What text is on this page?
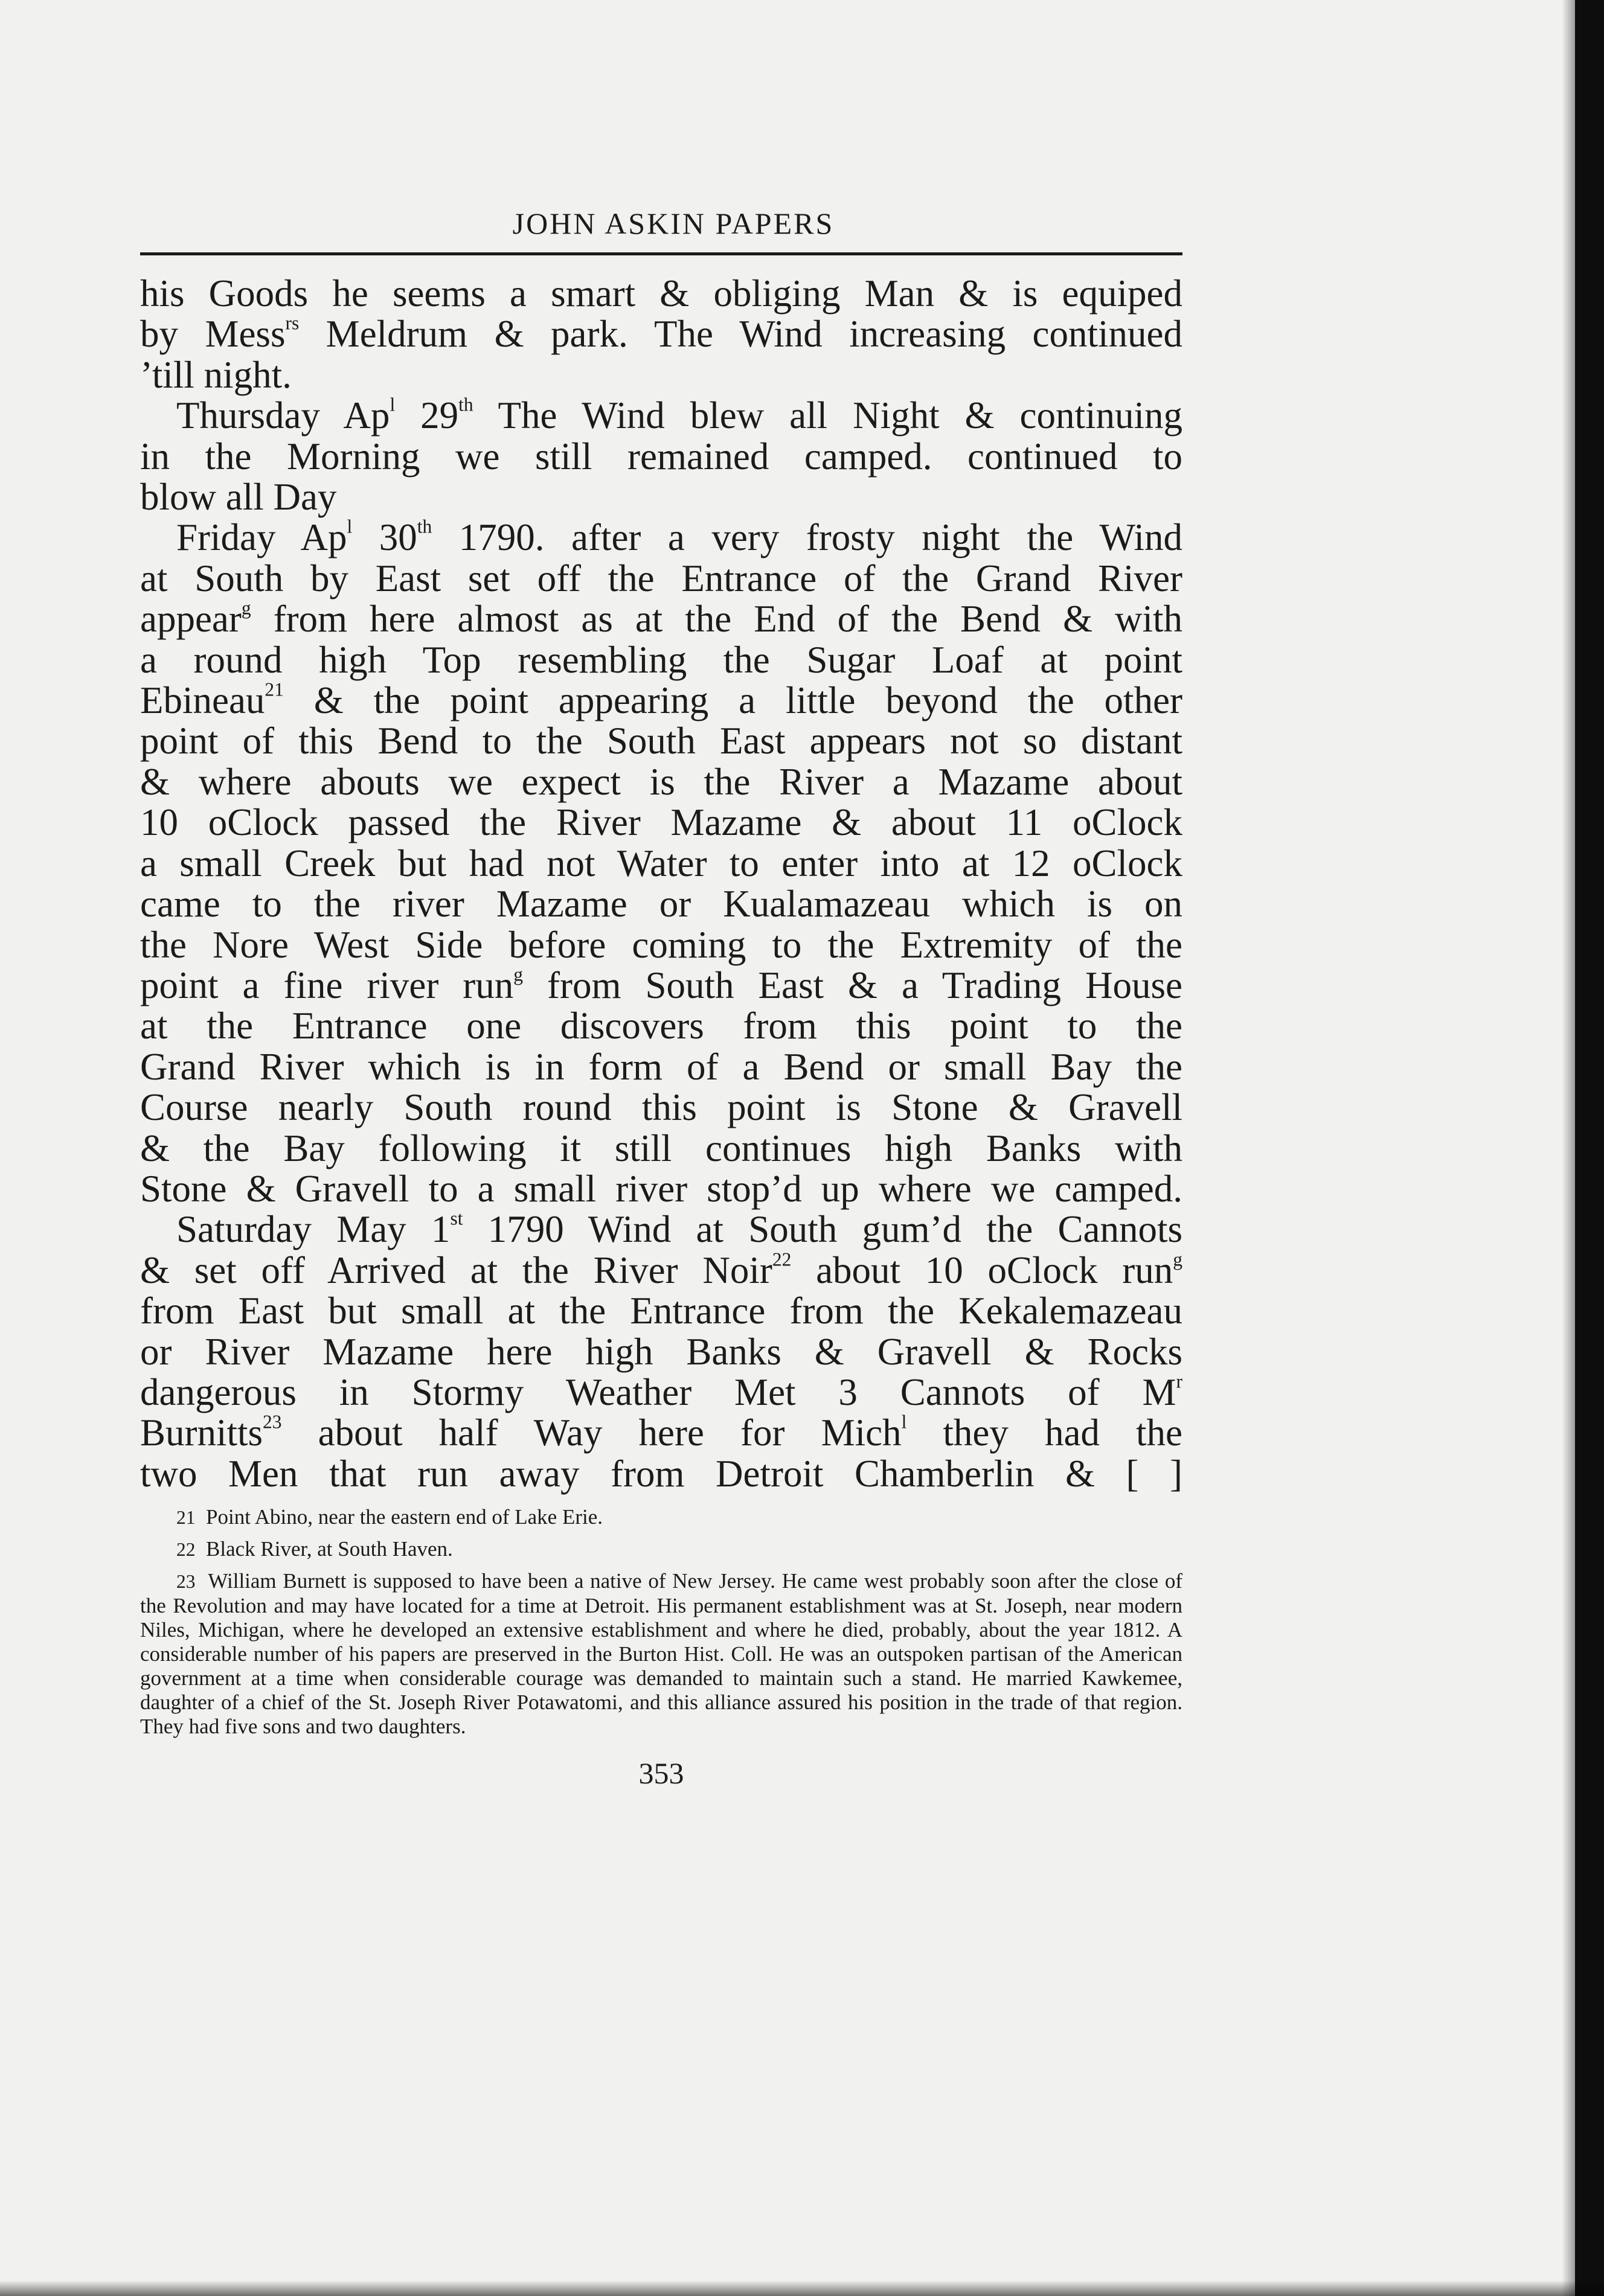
JOHN ASKIN PAPERS
his Goods he seems a smart & obliging Man & is equiped
by Mess$^{rs}$ Meldrum & park. The Wind increasing continued
’till night.
Thursday Ap$^l$ 29th The Wind blew all Night & continuing
in the Morning we still remained camped. continued to
blow all Day
Friday Ap$^l$ 30th 1790. after a very frosty night the Wind
at South by East set off the Entrance of the Grand River
appear$^g$ from here almost as at the End of the Bend & with
a round high Top resembling the Sugar Loaf at point
Ebineau$^{21}$ & the point appearing a little beyond the other
point of this Bend to the South East appears not so distant
& where abouts we expect is the River a Mazame about
10 oClock passed the River Mazame & about 11 oClock
a small Creek but had not Water to enter into at 12 oClock
came to the river Mazame or Kualamazeau which is on
the Nore West Side before coming to the Extremity of the
point a fine river run$^g$ from South East & a Trading House
at the Entrance one discovers from this point to the
Grand River which is in form of a Bend or small Bay the
Course nearly South round this point is Stone & Gravell
& the Bay following it still continues high Banks with
Stone & Gravell to a small river stop’d up where we camped.
Saturday May 1st 1790 Wind at South gum’d the Cannots
& set off Arrived at the River Noir$^{22}$ about 10 oClock run$^g$
from East but small at the Entrance from the Kekalemazeau
or River Mazame here high Banks & Gravell & Rocks
dangerous in Stormy Weather Met 3 Cannots of $M^r$
Burnitts$^{23}$ about half Way here for Mich$^l$ they had the
two Men that run away from Detroit Chamberlin & [ ]

21 Point Abino, near the eastern end of Lake Erie.

22 Black River, at South Haven.

23 William Burnett is supposed to have been a native of New Jersey. He came west probably soon after the close of the Revolution and may have located for a time at Detroit. His permanent establishment was at St. Joseph, near modern Niles, Michigan, where he developed an extensive establishment and where he died, probably, about the year 1812. A considerable number of his papers are preserved in the Burton Hist. Coll. He was an outspoken partisan of the American government at a time when considerable courage was demanded to maintain such a stand. He married Kawkemee, daughter of a chief of the St. Joseph River Potawatomi, and this alliance assured his position in the trade of that region. They had five sons and two daughters.

353
